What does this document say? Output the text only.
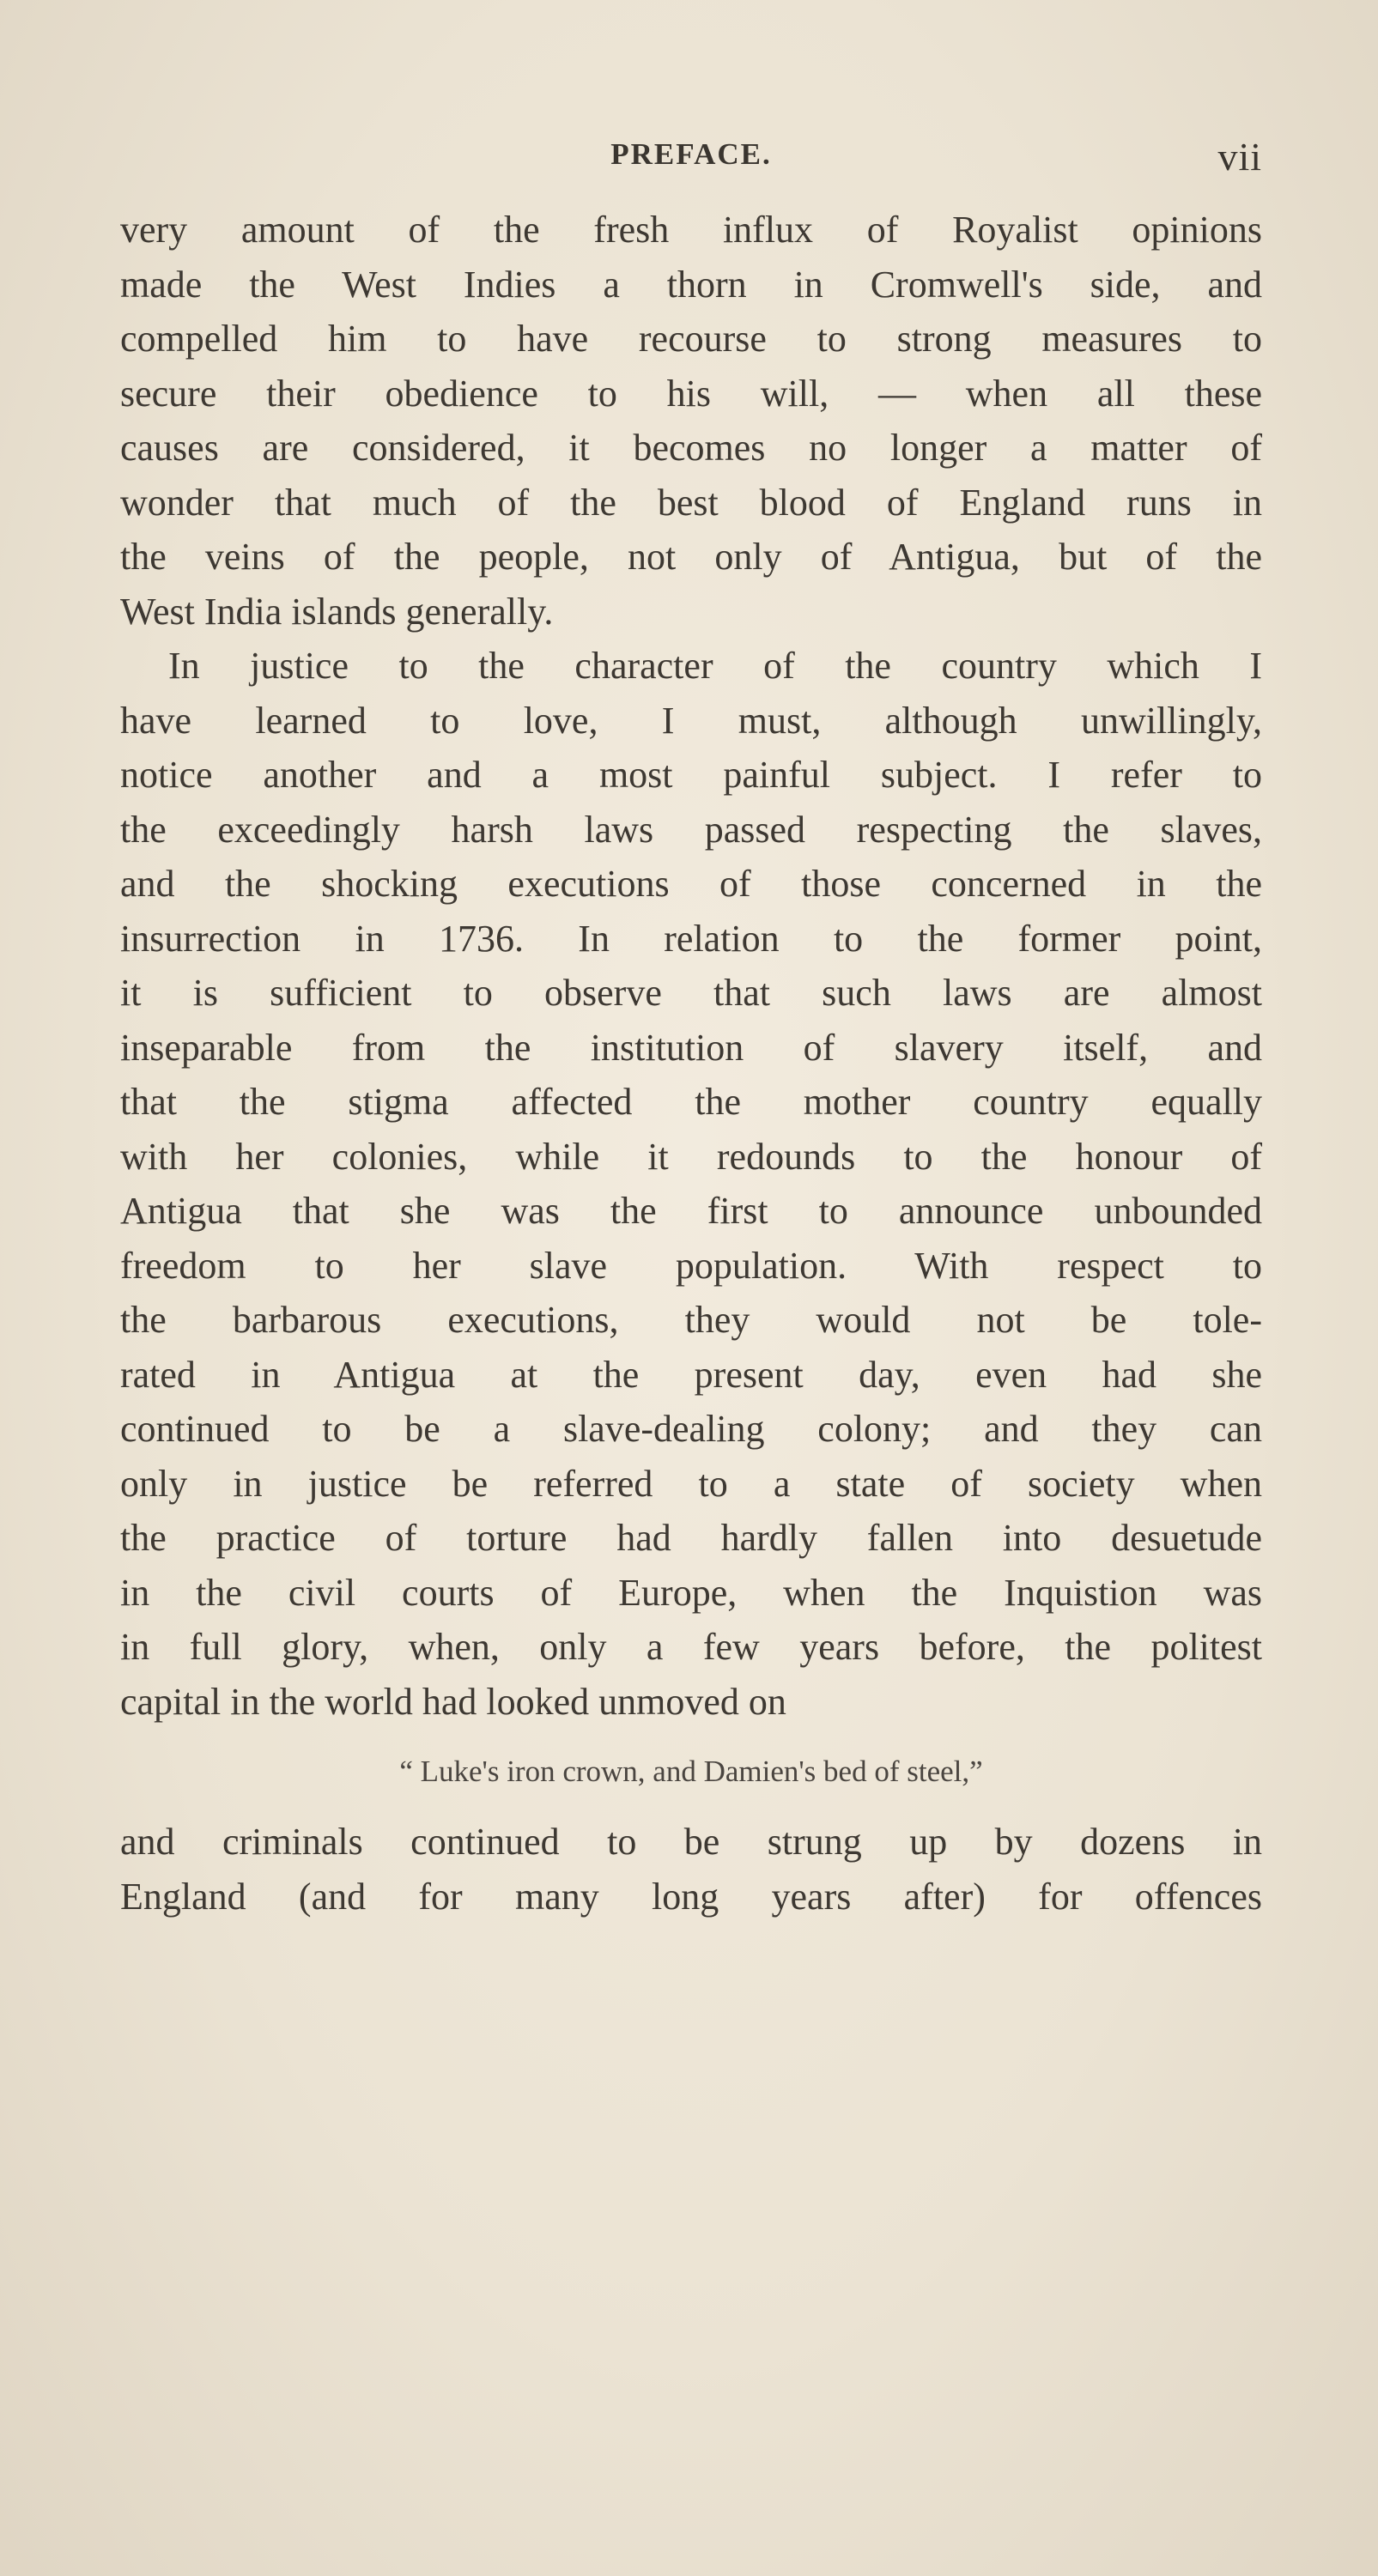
PREFACE.	vii
very amount of the fresh influx of Royalist opinions
made the West Indies a thorn in Cromwell's side, and
compelled him to have recourse to strong measures to
secure their obedience to his will, — when all these
causes are considered, it becomes no longer a matter of
wonder that much of the best blood of England runs in
the veins of the people, not only of Antigua, but of the
West India islands generally.
In justice to the character of the country which I
have learned to love, I must, although unwillingly,
notice another and a most painful subject. I refer to
the exceedingly harsh laws passed respecting the slaves,
and the shocking executions of those concerned in the
insurrection in 1736. In relation to the former point,
it is sufficient to observe that such laws are almost
inseparable from the institution of slavery itself, and
that the stigma affected the mother country equally
with her colonies, while it redounds to the honour of
Antigua that she was the first to announce unbounded
freedom to her slave population. With respect to
the barbarous executions, they would not be tole-
rated in Antigua at the present day, even had she
continued to be a slave-dealing colony; and they can
only in justice be referred to a state of society when
the practice of torture had hardly fallen into desuetude
in the civil courts of Europe, when the Inquistion was
in full glory, when, only a few years before, the politest
capital in the world had looked unmoved on
“ Luke's iron crown, and Damien's bed of steel,”
and criminals continued to be strung up by dozens in
England (and for many long years after) for offences
